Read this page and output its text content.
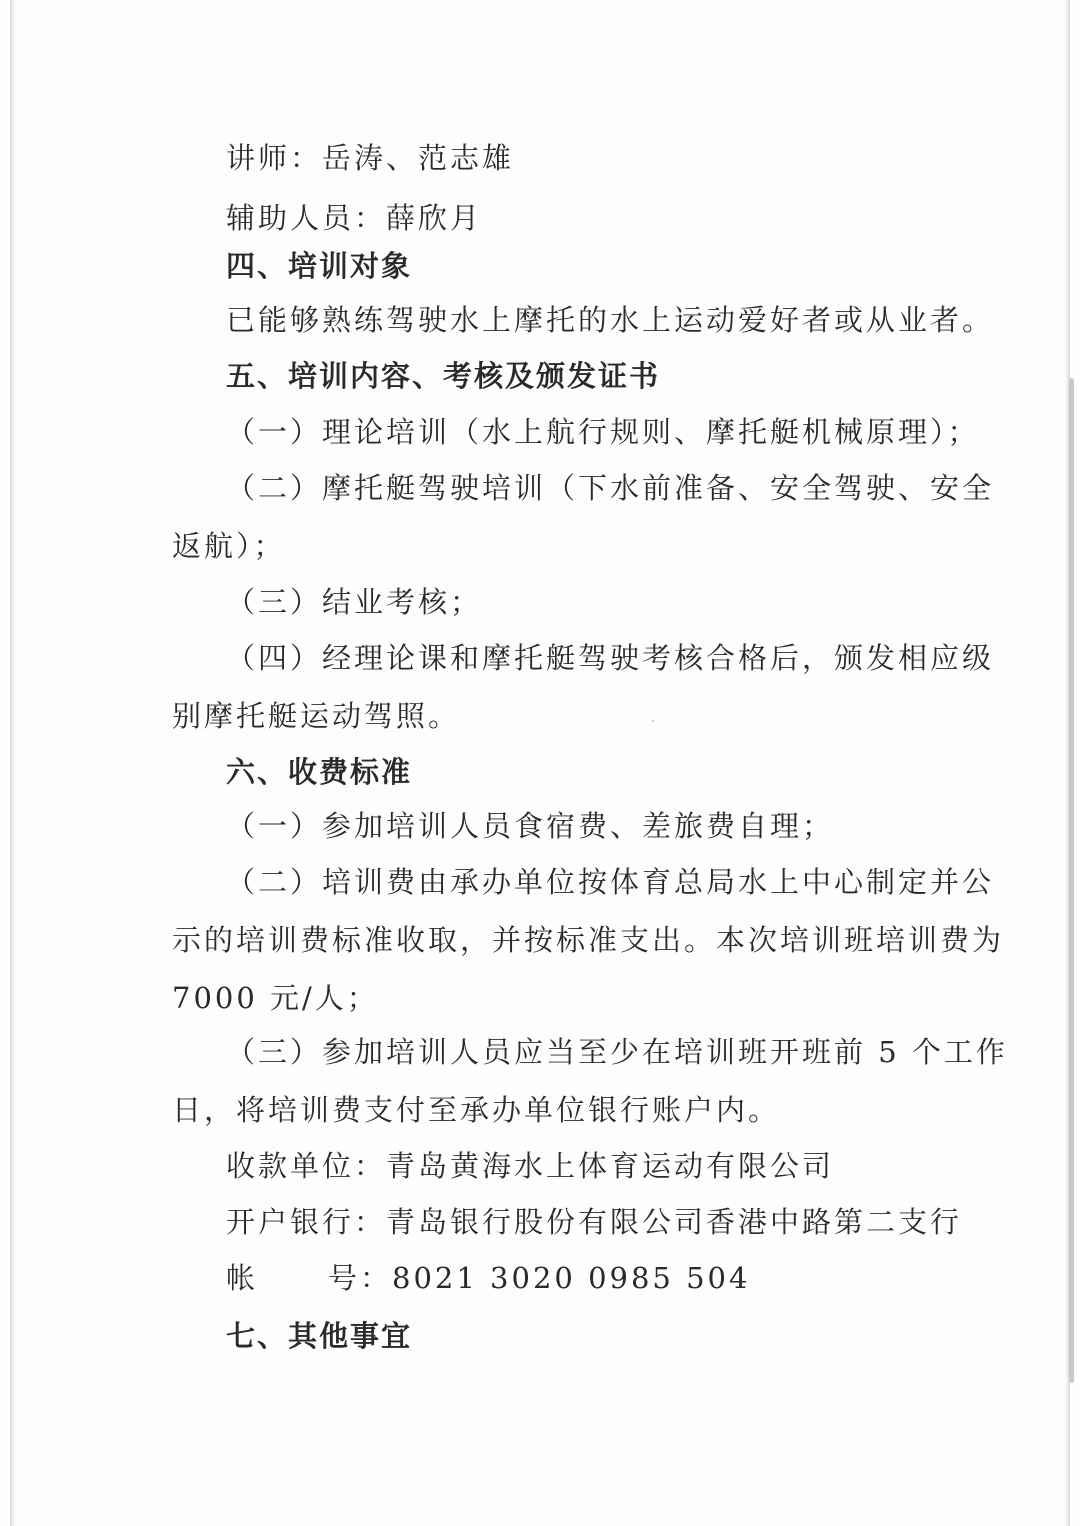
讲师：岳涛、范志雄
辅助人员：薛欣月
四、培训对象
已能够熟练驾驶水上摩托的水上运动爱好者或从业者。
五、培训内容、考核及颁发证书
（一）理论培训（水上航行规则、摩托艇机械原理）；
（二）摩托艇驾驶培训（下水前准备、安全驾驶、安全
返航）；
（三）结业考核；
（四）经理论课和摩托艇驾驶考核合格后，颁发相应级
别摩托艇运动驾照。
六、收费标准
（一）参加培训人员食宿费、差旅费自理；
（二）培训费由承办单位按体育总局水上中心制定并公
示的培训费标准收取，并按标准支出。本次培训班培训费为
7000 元/人；
（三）参加培训人员应当至少在培训班开班前 5 个工作
日，将培训费支付至承办单位银行账户内。
收款单位：青岛黄海水上体育运动有限公司
开户银行：青岛银行股份有限公司香港中路第二支行
帐 号：8021 3020 0985 504
七、其他事宜
